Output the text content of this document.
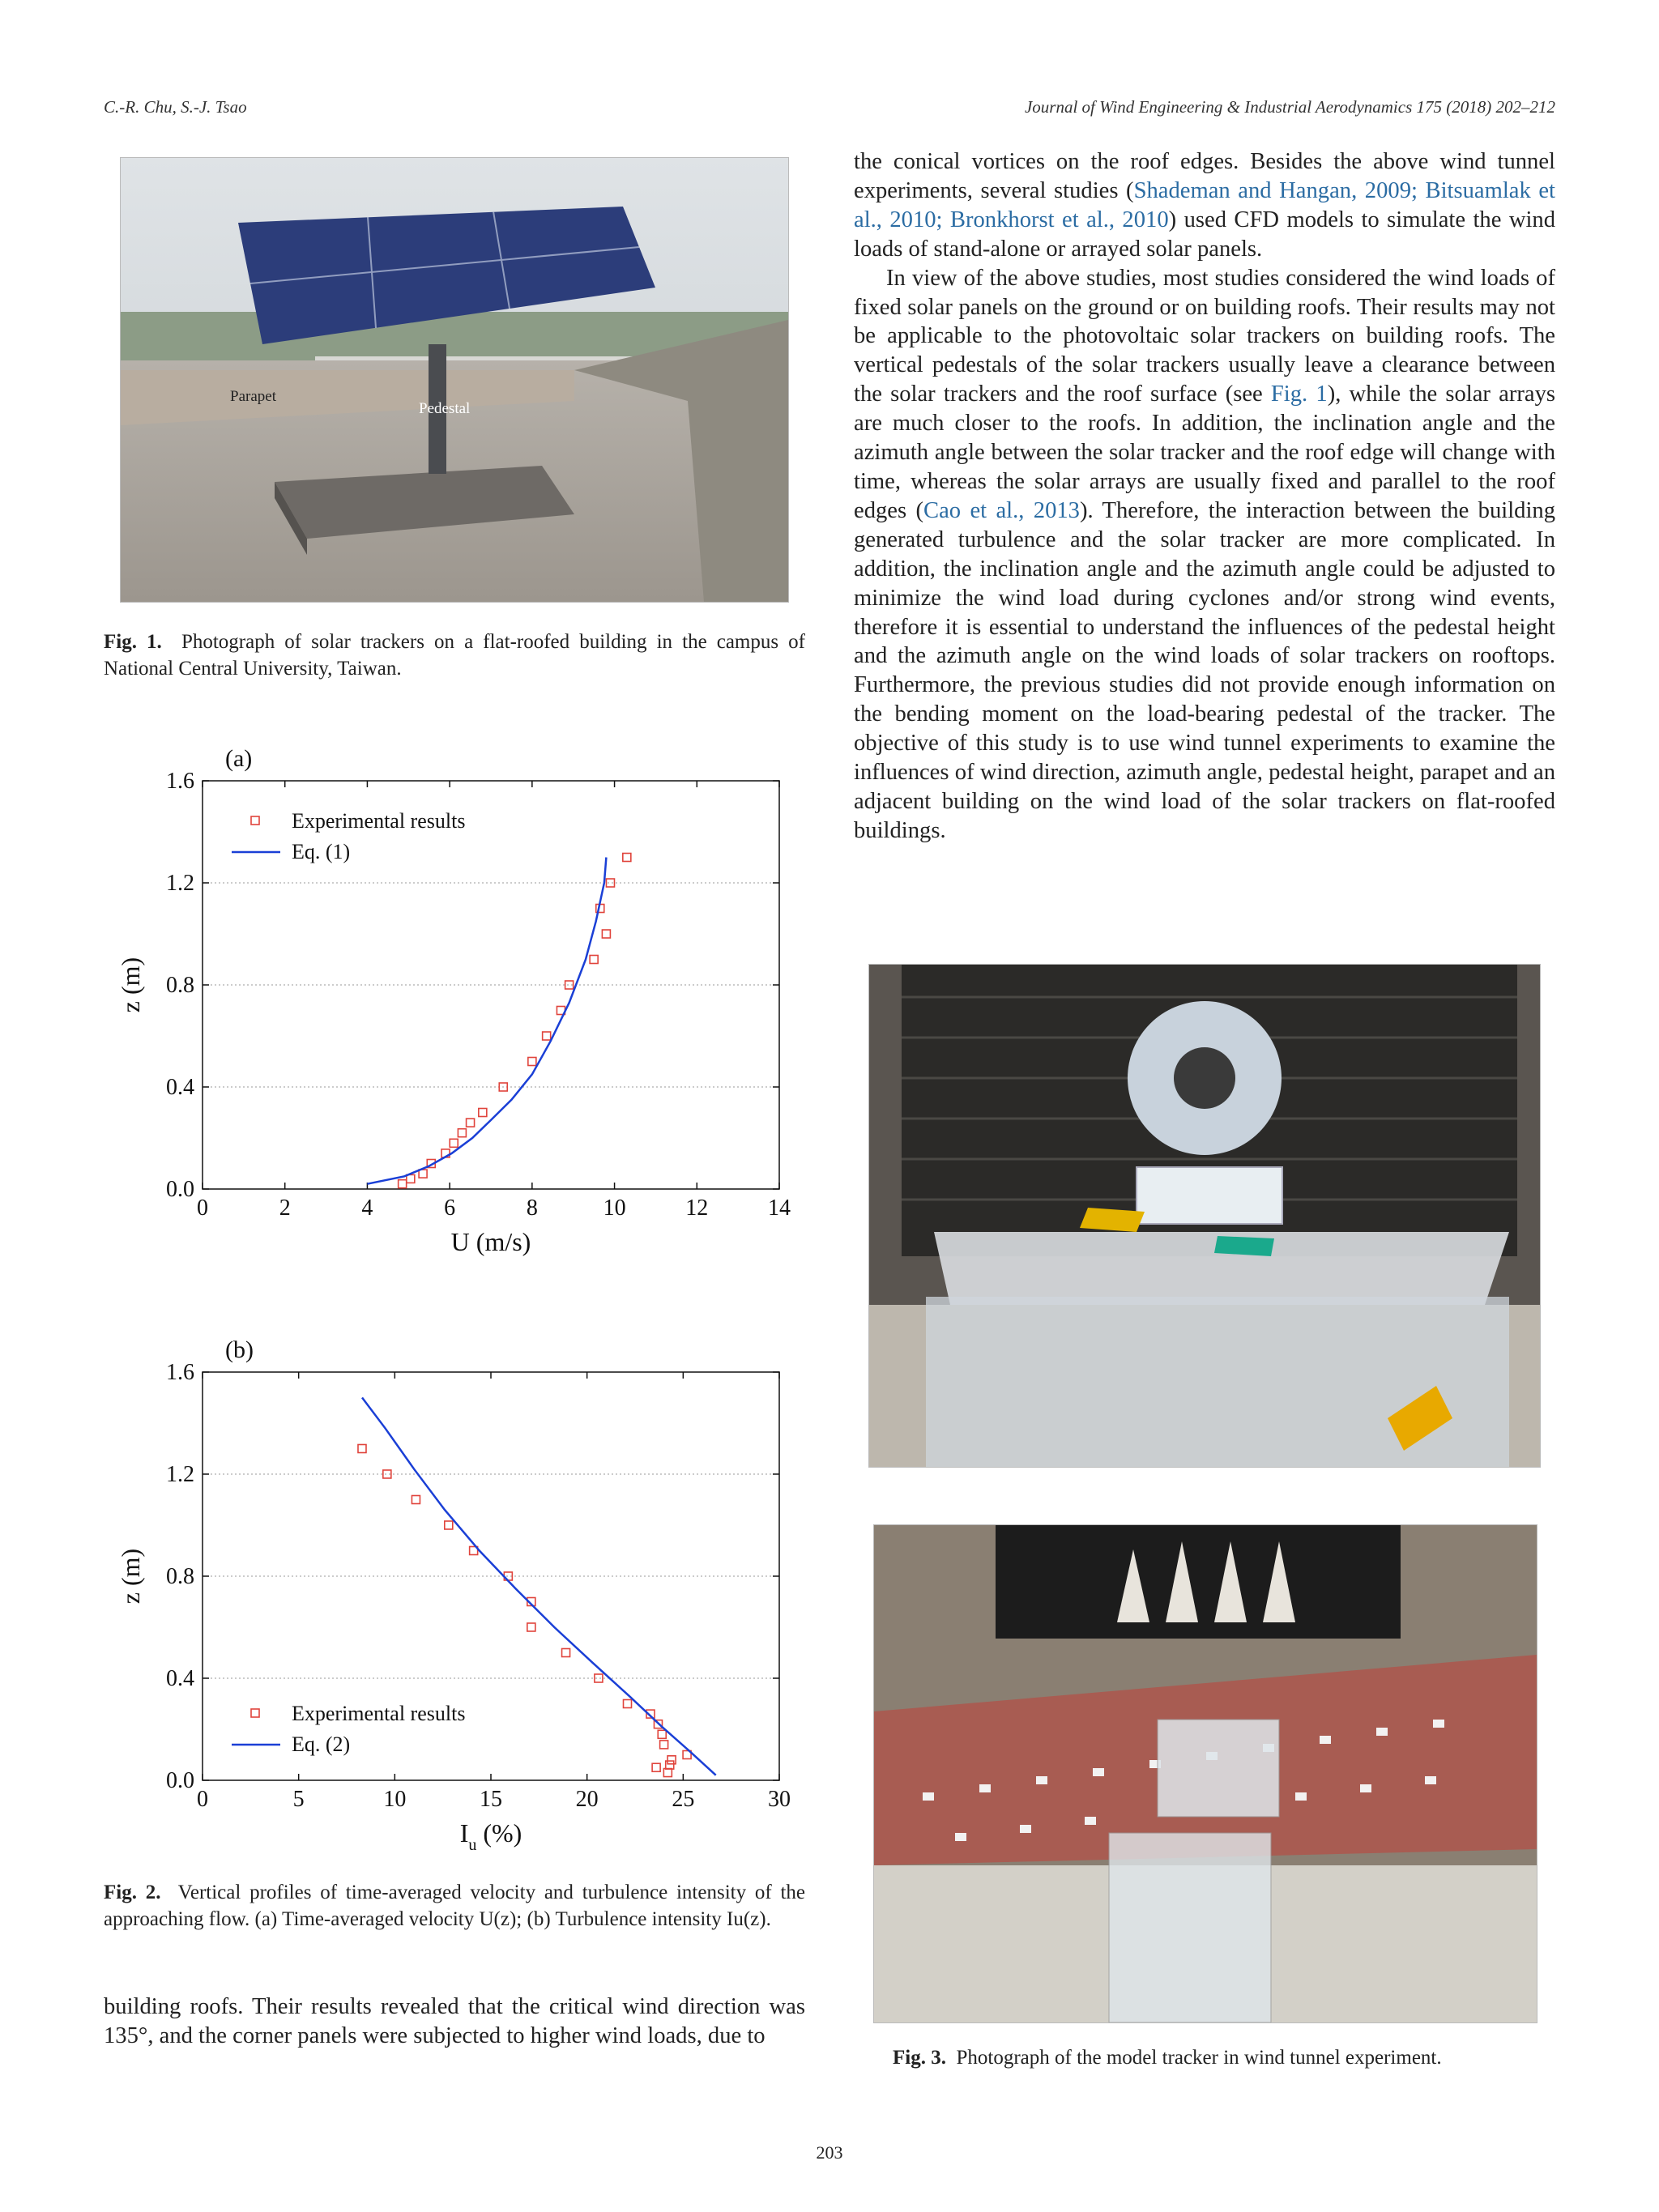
C.-R. Chu, S.-J. Tsao	Journal of Wind Engineering & Industrial Aerodynamics 175 (2018) 202–212
Parapet
Pedestal
Fig. 1. Photograph of solar trackers on a flat-roofed building in the campus of National Central University, Taiwan.
(a)
0	2	4	6	8	10	12	14
0.0
0.4
0.8
1.2
1.6
U (m/s)
z (m)
Experimental results
Eq. (1)
(b)
0	5	10	15	20	25	30
0.0
0.4
0.8
1.2
1.6
$I_u$ (%)
z (m)
Experimental results
Eq. (2)
Fig. 2. Vertical profiles of time-averaged velocity and turbulence intensity of the approaching flow. (a) Time-averaged velocity U(z); (b) Turbulence intensity Iu(z).

building roofs. Their results revealed that the critical wind direction was 135°, and the corner panels were subjected to higher wind loads, due to

the conical vortices on the roof edges. Besides the above wind tunnel experiments, several studies (Shademan and Hangan, 2009; Bitsuamlak et al., 2010; Bronkhorst et al., 2010) used CFD models to simulate the wind loads of stand-alone or arrayed solar panels.

In view of the above studies, most studies considered the wind loads of fixed solar panels on the ground or on building roofs. Their results may not be applicable to the photovoltaic solar trackers on building roofs. The vertical pedestals of the solar trackers usually leave a clearance between the solar trackers and the roof surface (see Fig. 1), while the solar arrays are much closer to the roofs. In addition, the inclination angle and the azimuth angle between the solar tracker and the roof edge will change with time, whereas the solar arrays are usually fixed and parallel to the roof edges (Cao et al., 2013). Therefore, the interaction between the building generated turbulence and the solar tracker are more complicated. In addition, the inclination angle and the azimuth angle could be adjusted to minimize the wind load during cyclones and/or strong wind events, therefore it is essential to understand the influences of the pedestal height and the azimuth angle on the wind loads of solar trackers on rooftops. Furthermore, the previous studies did not provide enough information on the bending moment on the load-bearing pedestal of the tracker. The objective of this study is to use wind tunnel experiments to examine the influences of wind direction, azimuth angle, pedestal height, parapet and an adjacent building on the wind load of the solar trackers on flat-roofed buildings.

Fig. 3. Photograph of the model tracker in wind tunnel experiment.
203
